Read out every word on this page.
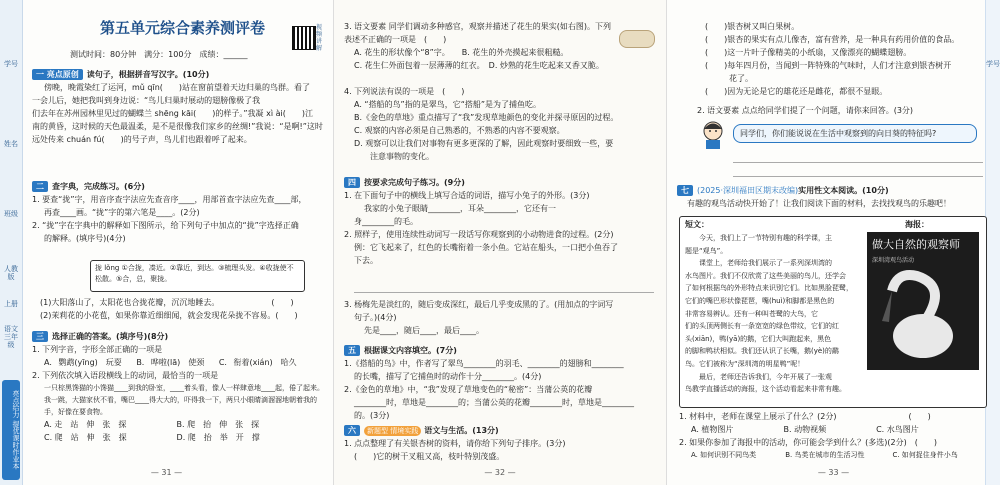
学号
姓名
班级
人教版
上册
语文三年级
亮点给力 提优课时作业本
第五单元综合素养测评卷	视频讲解
测试时间：80分钟　满分：100分　成绩：______
一 亮点原创 读句子，根据拼音写汉字。(10分)
傍晚，晚霞染红了运河，mǔ qīn(　　)站在窗前望着天边归巢的鸟群。看了
一会儿后，她把我叫到身边说：“鸟儿归巢时展动的翅膀像极了我
们去年在苏州园林里见过的蝴蝶兰 shēng kāi(　　)的样子。”我凝 xì ài(　　)江
南的黄昏，这时候的天色最温柔，是不是很像我们家乡的丝绸!”我说：“是啊!”这时
远处传来 chuán fú(　　)的号子声，鸟儿们也跟着呼了起来。
二 查字典，完成练习。(6分)
1. 要查“拢”字，用音序查字法应先查音序____，用部首查字法应先查____部，
再查____画。“拢”字的第六笔是____。(2分)
2. “拢”字在字典中的解释如下图所示，给下列句子中加点的“拢”字选择正确
的解释。(填序号)(4分)
拢 lǒng ①合拢，凑近。②靠近，到达。③梳理头发。④收拢使不松散。⑤合，总，聚拢。
(1)大阳落山了，太阳花也合拢花瓣，沉沉地睡去。　　　　　　　(　　)
(2)茉莉花的小花苞，如果你靠近细细闻，就会发现花朵拢不容易。(　　)
三 选择正确的答案。(填序号)(8分)
1. 下列字音，字形全部正确的一项是
A. 鹦鹉(yīng)　玩耍　 B. 哗啦(lā)　使颈　 C. 衔着(xián)　哈久
2. 下列依次填入语段横线上的动词，最恰当的一项是
一只棕黑馋猫的小馋猫____到我的卧室，____着头看，像人一样肆意地____起，倦了起来。
我一跳，大猫家伙不看，嘴巴____得大大的，吓得我一下，两只小眼睛滴溜溜地朝着我的手，好像在要食物。
A. 走　站　伸　张　探	B. 爬　抬　伸　张　探
C. 爬　站　伸　张　探	D. 爬　抬　举　开　撑
— 31 —
3. 语文要素 同学们调动多种感官，观察并描述了花生的果实(如右图)。下列表述不正确的一项是　(　　)
A. 花生的形状像个“8”字。　　B. 花生的外壳摸起来很粗糙。
C. 花生仁外面包着一层薄薄的红衣。　D. 炒熟的花生吃起来又香又脆。
4. 下列说法有误的一项是　(　　)
A. “搭船的鸟”指的是翠鸟，它“搭船”是为了捕鱼吃。
B.《金色的草地》重点描写了“我”发现草地颜色的变化并探寻原因的过程。
C. 观察的内容必须是自己熟悉的，不熟悉的内容不要观察。
D. 观察可以让我们对事物有更多更深的了解，因此观察时要细致一些，要
　　注意事物的变化。
四 按要求完成句子练习。(9分)
1. 在下面句子中的横线上填写合适的词语，描写小兔子的外形。(3分)
我家的小兔子眼睛________，耳朵________，它还有一
身________的毛。
2. 照样子，使用连续性动词写一段话写你观察到的小动物进食的过程。(2分)
例：它飞起来了，红色的长嘴衔着一条小鱼。它站在船头，一口把小鱼吞了
下去。
3. 杨梅先是淡红的，随后变成深红，最后几乎变成黑的了。(用加点的字词写
句子。)(4分)
先是____，随后____，最后____。
五 根据课文内容填空。(7分)
1.《搭船的鸟》中，作者写了翠鸟________的羽毛、________的翅膀和________
的长嘴，描写了它捕鱼时的动作十分________。(4分)
2.《金色的草地》中，“我”发现了草地变色的“秘密”：当蒲公英的花瓣
________时，草地是________的；当蒲公英的花瓣________时，草地是________
的。(3分)
六 新题型 情境实践 语文与生活。(13分)
1. 点点整理了有关银杏树的资料，请你给下列句子排序。(3分)
(　　)它的树干叉粗又高，枝叶特别茂盛。
— 32 —
学号
(　　)银杏树又叫白果树。
(　　)银杏的果实有点儿像杏，富有营养，是一种具有药用价值的食品。
(　　)这一片叶子像精美的小纸扇，又像漂亮的蝴蝶翅膀。
(　　)每年四月份，当闻到一阵特殊的气味时，人们才注意到银杏树开
　　　花了。
(　　)因为无论是它的雄花还是雌花，都很不显眼。
2. 语文要素 点点给同学们提了一个问题，请你来回答。(3分)
同学们，你们能说说在生活中观察到的向日葵的特征吗?
七 (2025·深圳福田区期末改编)实用性文本阅读。(10分)
有趣的观鸟活动快开始了！让我们阅读下面的材料，去找找观鸟的乐趣吧！
短文：	海报：
今天，我们上了一节特别有趣的科学课，主
题是“观鸟”。
课堂上，老师给我们展示了一系列深圳湾的
水鸟图片。我们不仅欣赏了这些美丽的鸟儿，还学会
了如何根据鸟的外形特点来识别它们。比如黑脸琵鹭，
它们的嘴巴形状像琵琶，嘴(huì)和脚都是黑色的
非常容易辨认。还有一种叫苍鹭的大鸟，它
们的头顶两侧长有一条宽宽的绿色带纹，它们的红
头(xiān)，鸭(yā)的鹅，它们大叫跑起来，黑色
的脚和鸭状相似。我们还认识了长嘴，鹅(yè)的鹬
鸟。它们被称为“深圳湾的明星鸭”呢！
最后，老师还告诉我们，今年开展了一张观
鸟教学直播活动的海报，这个活动看起来非常有趣。
做大自然的观察师
深圳湾观鸟活动
1. 材料中，老师在课堂上展示了什么？(2分)　　　　　　　　　(　　)
A. 植物图片	B. 动物视频	C. 水鸟图片
2. 如果你参加了海报中的活动，你可能会学到什么？(多选)(2分)　(　　)
A. 如何识别不同鸟类	B. 鸟类在城市的生活习性	C. 如何捉住身件小鸟
— 33 —
